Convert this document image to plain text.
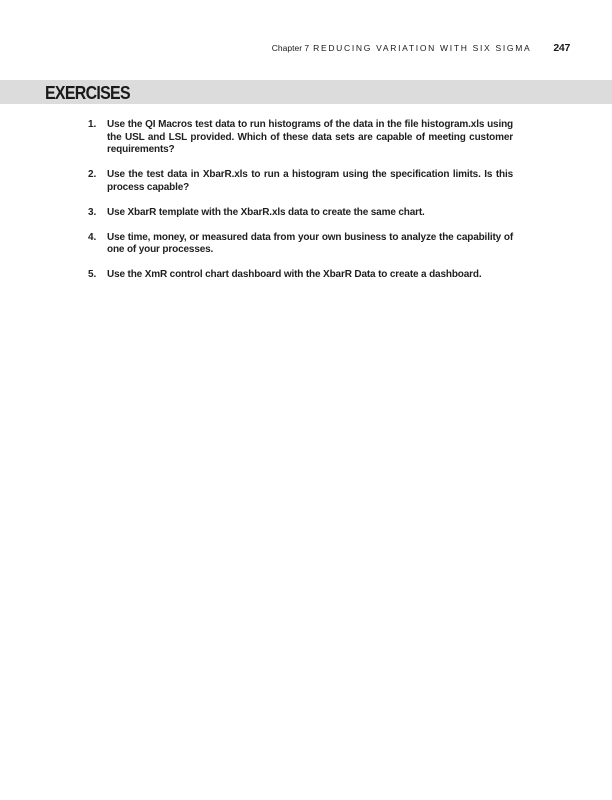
Chapter 7 REDUCING VARIATION WITH SIX SIGMA 247
EXERCISES
1.	Use the QI Macros test data to run histograms of the data in the file histogram.xls using the USL and LSL provided. Which of these data sets are capable of meeting customer requirements?
2.	Use the test data in XbarR.xls to run a histogram using the specification limits. Is this process capable?
3.	Use XbarR template with the XbarR.xls data to create the same chart.
4.	Use time, money, or measured data from your own business to analyze the capability of one of your processes.
5.	Use the XmR control chart dashboard with the XbarR Data to create a dashboard.
